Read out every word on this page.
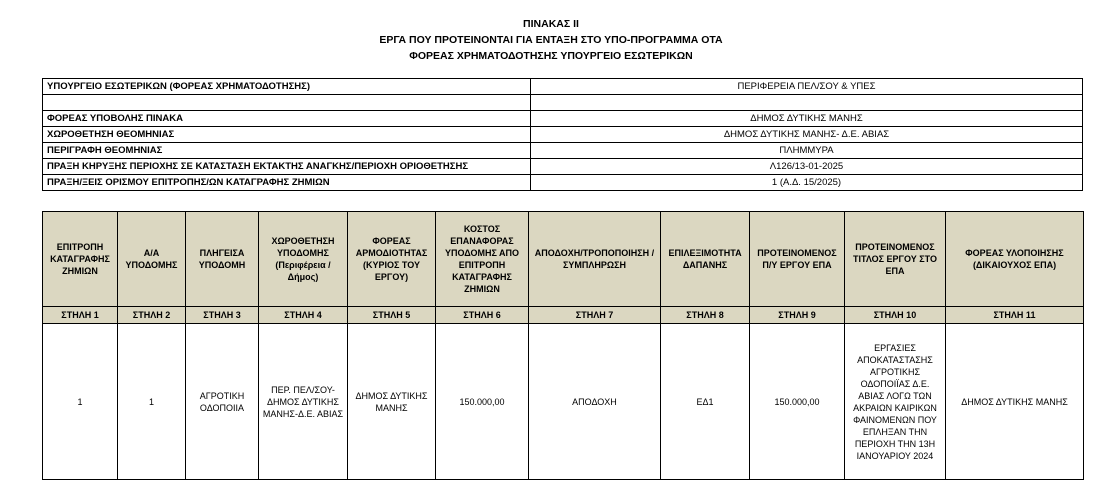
ΠΙΝΑΚΑΣ ΙΙ
ΕΡΓΑ ΠΟΥ ΠΡΟΤΕΙΝΟΝΤΑΙ ΓΙΑ ΕΝΤΑΞΗ ΣΤΟ ΥΠΟ-ΠΡΟΓΡΑΜΜΑ ΟΤΑ
ΦΟΡΕΑΣ ΧΡΗΜΑΤΟΔΟΤΗΣΗΣ ΥΠΟΥΡΓΕΙΟ ΕΣΩΤΕΡΙΚΩΝ
ΥΠΟΥΡΓΕΙΟ ΕΣΩΤΕΡΙΚΩΝ (ΦΟΡΕΑΣ ΧΡΗΜΑΤΟΔΟΤΗΣΗΣ)	ΠΕΡΙΦΕΡΕΙΑ ΠΕΛ/ΣΟΥ & ΥΠΕΣ

ΦΟΡΕΑΣ ΥΠΟΒΟΛΗΣ ΠΙΝΑΚΑ	ΔΗΜΟΣ ΔΥΤΙΚΗΣ ΜΑΝΗΣ
ΧΩΡΟΘΕΤΗΣΗ ΘΕΟΜΗΝΙΑΣ	ΔΗΜΟΣ ΔΥΤΙΚΗΣ ΜΑΝΗΣ- Δ.Ε. ΑΒΙΑΣ
ΠΕΡΙΓΡΑΦΗ ΘΕΟΜΗΝΙΑΣ	ΠΛΗΜΜΥΡΑ
ΠΡΑΞΗ ΚΗΡΥΞΗΣ ΠΕΡΙΟΧΗΣ ΣΕ ΚΑΤΑΣΤΑΣΗ ΕΚΤΑΚΤΗΣ ΑΝΑΓΚΗΣ/ΠΕΡΙΟΧΗ ΟΡΙΟΘΕΤΗΣΗΣ	Λ126/13-01-2025
ΠΡΑΞΗ/ΞΕΙΣ ΟΡΙΣΜΟΥ ΕΠΙΤΡΟΠΗΣ/ΩΝ ΚΑΤΑΓΡΑΦΗΣ ΖΗΜΙΩΝ	1 (Α.Δ. 15/2025)
ΕΠΙΤΡΟΠΗ ΚΑΤΑΓΡΑΦΗΣ ΖΗΜΙΩΝ	Α/Α ΥΠΟΔΟΜΗΣ	ΠΛΗΓΕΙΣΑ ΥΠΟΔΟΜΗ	ΧΩΡΟΘΕΤΗΣΗ ΥΠΟΔΟΜΗΣ (Περιφέρεια / Δήμος)	ΦΟΡΕΑΣ ΑΡΜΟΔΙΟΤΗΤΑΣ (ΚΥΡΙΟΣ ΤΟΥ ΕΡΓΟΥ)	ΚΟΣΤΟΣ ΕΠΑΝΑΦΟΡΑΣ ΥΠΟΔΟΜΗΣ ΑΠΟ ΕΠΙΤΡΟΠΗ ΚΑΤΑΓΡΑΦΗΣ ΖΗΜΙΩΝ	ΑΠΟΔΟΧΗ/ΤΡΟΠΟΠΟΙΗΣΗ / ΣΥΜΠΛΗΡΩΣΗ	ΕΠΙΛΕΞΙΜΟΤΗΤΑ ΔΑΠΑΝΗΣ	ΠΡΟΤΕΙΝΟΜΕΝΟΣ Π/Υ ΕΡΓΟΥ ΕΠΑ	ΠΡΟΤΕΙΝΟΜΕΝΟΣ ΤΙΤΛΟΣ ΕΡΓΟΥ ΣΤΟ ΕΠΑ	ΦΟΡΕΑΣ ΥΛΟΠΟΙΗΣΗΣ (ΔΙΚΑΙΟΥΧΟΣ ΕΠΑ)
ΣΤΗΛΗ 1	ΣΤΗΛΗ 2	ΣΤΗΛΗ 3	ΣΤΗΛΗ 4	ΣΤΗΛΗ 5	ΣΤΗΛΗ 6	ΣΤΗΛΗ 7	ΣΤΗΛΗ 8	ΣΤΗΛΗ 9	ΣΤΗΛΗ 10	ΣΤΗΛΗ 11
1	1	ΑΓΡΟΤΙΚΗ ΟΔΟΠΟΙΙΑ	ΠΕΡ. ΠΕΛ/ΣΟΥ- ΔΗΜΟΣ ΔΥΤΙΚΗΣ ΜΑΝΗΣ-Δ.Ε. ΑΒΙΑΣ	ΔΗΜΟΣ ΔΥΤΙΚΗΣ ΜΑΝΗΣ	150.000,00	ΑΠΟΔΟΧΗ	ΕΔ1	150.000,00	ΕΡΓΑΣΙΕΣ ΑΠΟΚΑΤΑΣΤΑΣΗΣ ΑΓΡΟΤΙΚΗΣ ΟΔΟΠΟΙΪΑΣ Δ.Ε. ΑΒΙΑΣ ΛΟΓΩ ΤΩΝ ΑΚΡΑΙΩΝ ΚΑΙΡΙΚΩΝ ΦΑΙΝΟΜΕΝΩΝ ΠΟΥ ΕΠΛΗΞΑΝ ΤΗΝ ΠΕΡΙΟΧΗ ΤΗΝ 13Η ΙΑΝΟΥΑΡΙΟΥ 2024	ΔΗΜΟΣ ΔΥΤΙΚΗΣ ΜΑΝΗΣ
